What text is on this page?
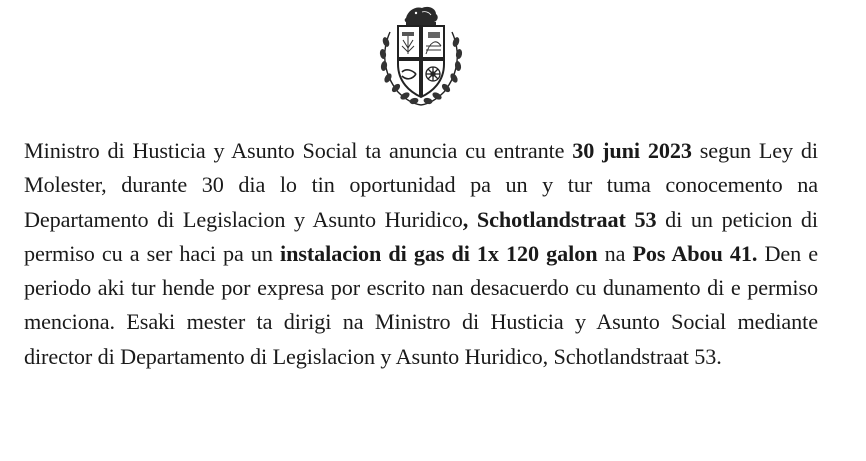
Ministro di Husticia y Asunto Social ta anuncia cu entrante 30 juni 2023 segun Ley di Molester, durante 30 dia lo tin oportunidad pa un y tur tuma conocemento na Departamento di Legislacion y Asunto Huridico, Schotlandstraat 53 di un peticion di permiso cu a ser haci pa un instalacion di gas di 1x 120 galon na Pos Abou 41. Den e periodo aki tur hende por expresa por escrito nan desacuerdo cu dunamento di e permiso menciona. Esaki mester ta dirigi na Ministro di Husticia y Asunto Social mediante director di Departamento di Legislacion y Asunto Huridico, Schotlandstraat 53.
